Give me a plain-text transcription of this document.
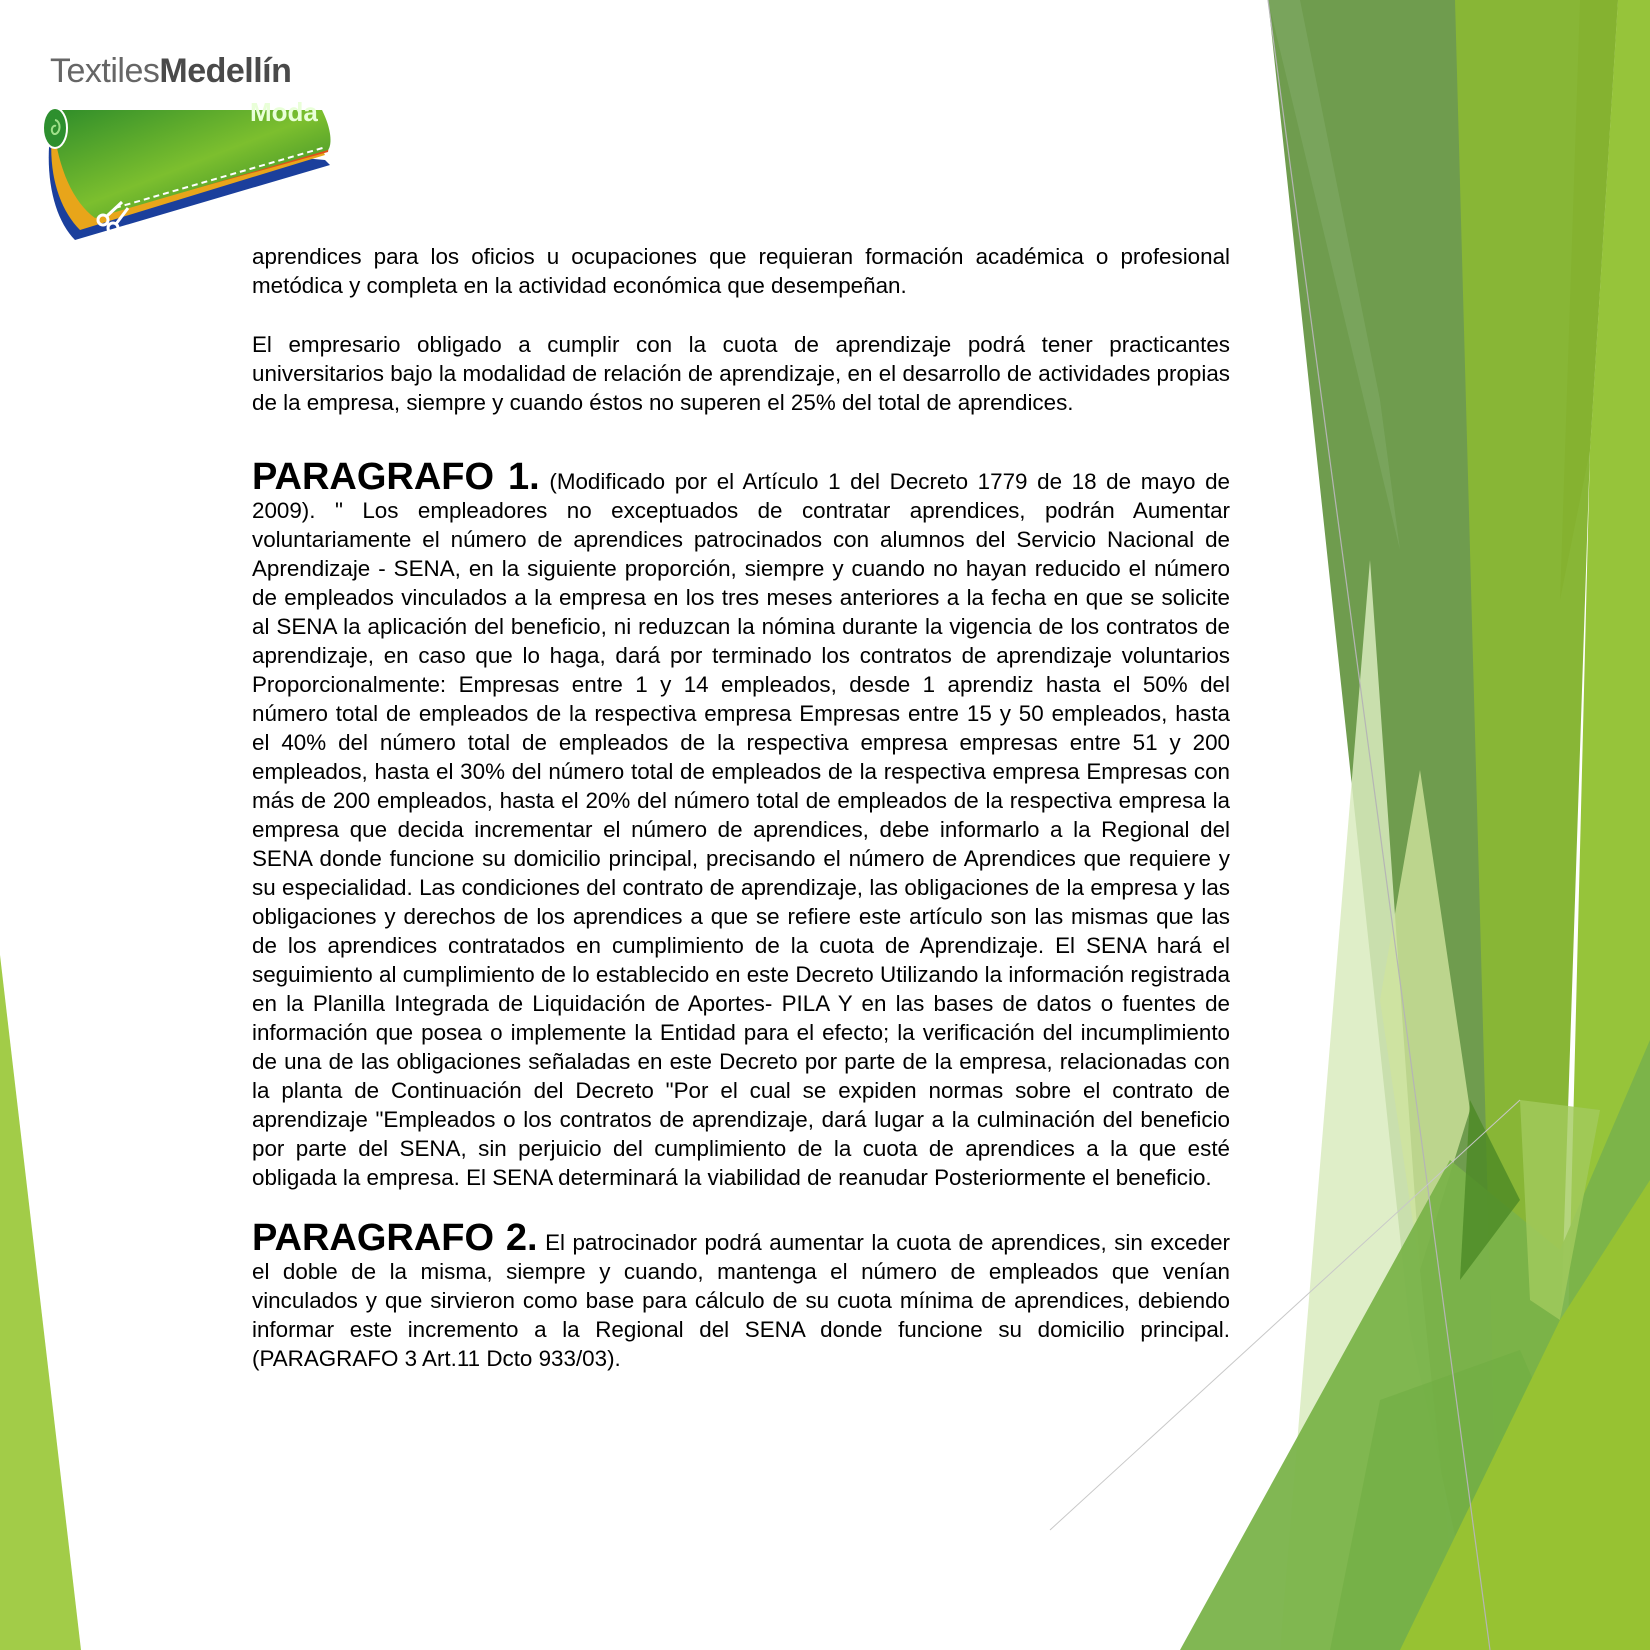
TextilesMedellín
Moda

aprendices para los oficios u ocupaciones que requieran formación académica o profesional metódica y completa en la actividad económica que desempeñan.

El empresario obligado a cumplir con la cuota de aprendizaje podrá tener practicantes universitarios bajo la modalidad de relación de aprendizaje, en el desarrollo de actividades propias de la empresa, siempre y cuando éstos no superen el 25% del total de aprendices.

PARAGRAFO 1. (Modificado por el Artículo 1 del Decreto 1779 de 18 de mayo de 2009). " Los empleadores no exceptuados de contratar aprendices, podrán Aumentar voluntariamente el número de aprendices patrocinados con alumnos del Servicio Nacional de Aprendizaje - SENA, en la siguiente proporción, siempre y cuando no hayan reducido el número de empleados vinculados a la empresa en los tres meses anteriores a la fecha en que se solicite al SENA la aplicación del beneficio, ni reduzcan la nómina durante la vigencia de los contratos de aprendizaje, en caso que lo haga, dará por terminado los contratos de aprendizaje voluntarios Proporcionalmente: Empresas entre 1 y 14 empleados, desde 1 aprendiz hasta el 50% del número total de empleados de la respectiva empresa Empresas entre 15 y 50 empleados, hasta el 40% del número total de empleados de la respectiva empresa empresas entre 51 y 200 empleados, hasta el 30% del número total de empleados de la respectiva empresa Empresas con más de 200 empleados, hasta el 20% del número total de empleados de la respectiva empresa la empresa que decida incrementar el número de aprendices, debe informarlo a la Regional del SENA donde funcione su domicilio principal, precisando el número de Aprendices que requiere y su especialidad. Las condiciones del contrato de aprendizaje, las obligaciones de la empresa y las obligaciones y derechos de los aprendices a que se refiere este artículo son las mismas que las de los aprendices contratados en cumplimiento de la cuota de Aprendizaje. El SENA hará el seguimiento al cumplimiento de lo establecido en este Decreto Utilizando la información registrada en la Planilla Integrada de Liquidación de Aportes- PILA Y en las bases de datos o fuentes de información que posea o implemente la Entidad para el efecto; la verificación del incumplimiento de una de las obligaciones señaladas en este Decreto por parte de la empresa, relacionadas con la planta de Continuación del Decreto "Por el cual se expiden normas sobre el contrato de aprendizaje "Empleados o los contratos de aprendizaje, dará lugar a la culminación del beneficio por parte del SENA, sin perjuicio del cumplimiento de la cuota de aprendices a la que esté obligada la empresa. El SENA determinará la viabilidad de reanudar Posteriormente el beneficio.

PARAGRAFO 2. El patrocinador podrá aumentar la cuota de aprendices, sin exceder el doble de la misma, siempre y cuando, mantenga el número de empleados que venían vinculados y que sirvieron como base para cálculo de su cuota mínima de aprendices, debiendo informar este incremento a la Regional del SENA donde funcione su domicilio principal. (PARAGRAFO 3 Art.11 Dcto 933/03).
